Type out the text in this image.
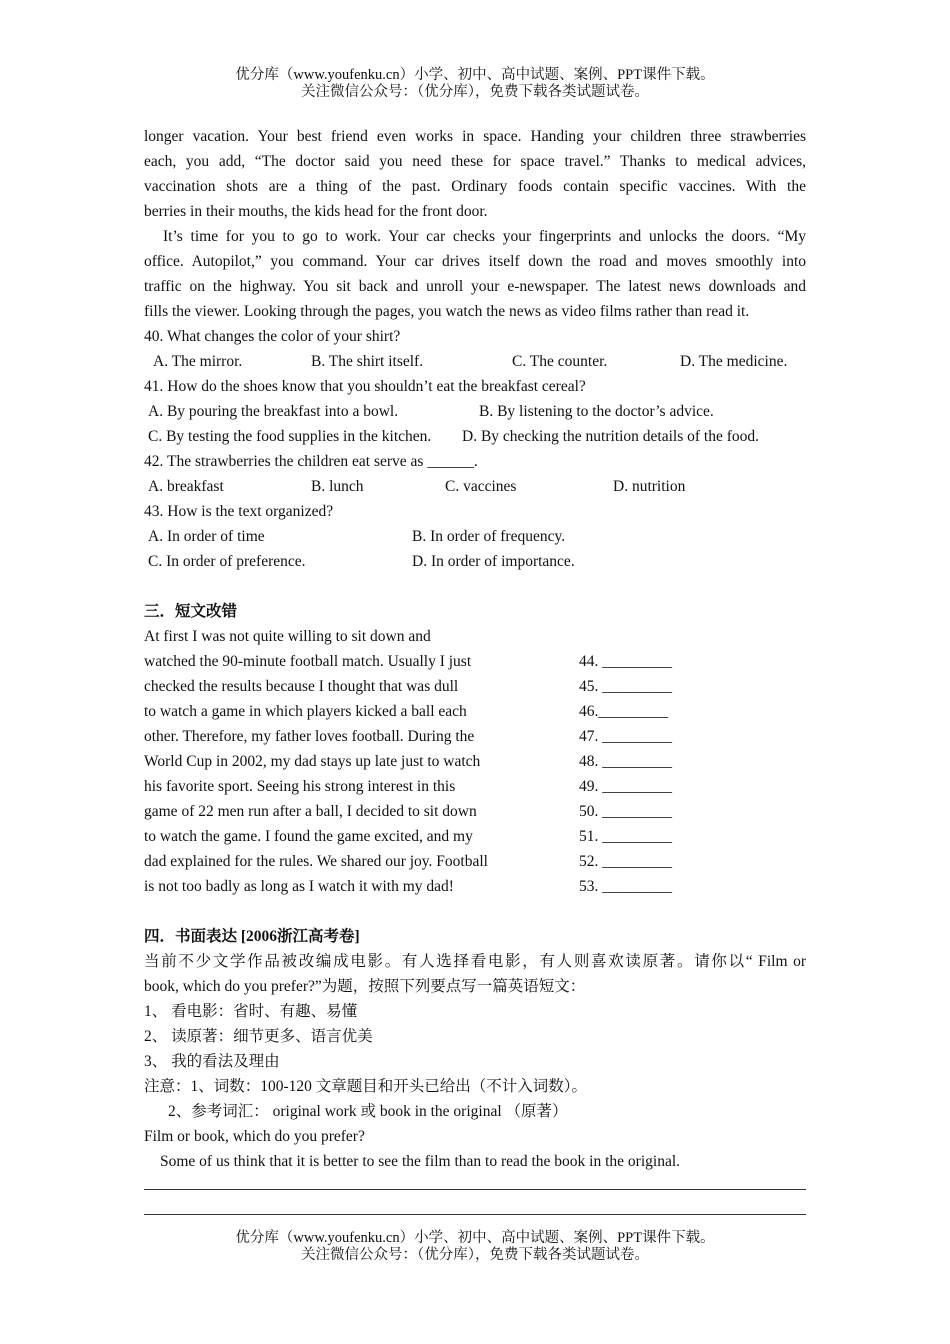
优分库（www.youfenku.cn）小学、初中、高中试题、案例、PPT课件下载。
关注微信公众号：（优分库），免费下载各类试题试卷。
longer vacation. Your best friend even works in space. Handing your children three strawberries
each, you add, “The doctor said you need these for space travel.” Thanks to medical advices,
vaccination shots are a thing of the past. Ordinary foods contain specific vaccines. With the
berries in their mouths, the kids head for the front door.
It’s time for you to go to work. Your car checks your fingerprints and unlocks the doors. “My
office. Autopilot,” you command. Your car drives itself down the road and moves smoothly into
traffic on the highway. You sit back and unroll your e-newspaper. The latest news downloads and
fills the viewer. Looking through the pages, you watch the news as video films rather than read it.
40. What changes the color of your shirt?
A. The mirror.	B. The shirt itself.	C. The counter.	D. The medicine.
41. How do the shoes know that you shouldn’t eat the breakfast cereal?
A. By pouring the breakfast into a bowl.	B. By listening to the doctor’s advice.
C. By testing the food supplies in the kitchen. D. By checking the nutrition details of the food.
42. The strawberries the children eat serve as ______.
A. breakfast	B. lunch	C. vaccines	D. nutrition
43. How is the text organized?
A. In order of time	B. In order of frequency.
C. In order of preference.	D. In order of importance.
三．短文改错
At first I was not quite willing to sit down and
watched the 90-minute football match. Usually I just	44. _________
checked the results because I thought that was dull	45. _________
to watch a game in which players kicked a ball each	46._________
other. Therefore, my father loves football. During the	47. _________
World Cup in 2002, my dad stays up late just to watch	48. _________
his favorite sport. Seeing his strong interest in this	49. _________
game of 22 men run after a ball, I decided to sit down	50. _________
to watch the game. I found the game excited, and my	51. _________
dad explained for the rules. We shared our joy. Football	52. _________
is not too badly as long as I watch it with my dad!	53. _________
四．书面表达 [2006浙江高考卷]
当前不少文学作品被改编成电影。有人选择看电影，有人则喜欢读原著。请你以“ Film or
book, which do you prefer?”为题，按照下列要点写一篇英语短文：
1、 看电影：省时、有趣、易懂
2、 读原著：细节更多、语言优美
3、 我的看法及理由
注意：1、词数：100-120 文章题目和开头已给出（不计入词数）。
2、参考词汇： original work 或 book in the original （原著）
Film or book, which do you prefer?
Some of us think that it is better to see the film than to read the book in the original.
优分库（www.youfenku.cn）小学、初中、高中试题、案例、PPT课件下载。
关注微信公众号：（优分库），免费下载各类试题试卷。
